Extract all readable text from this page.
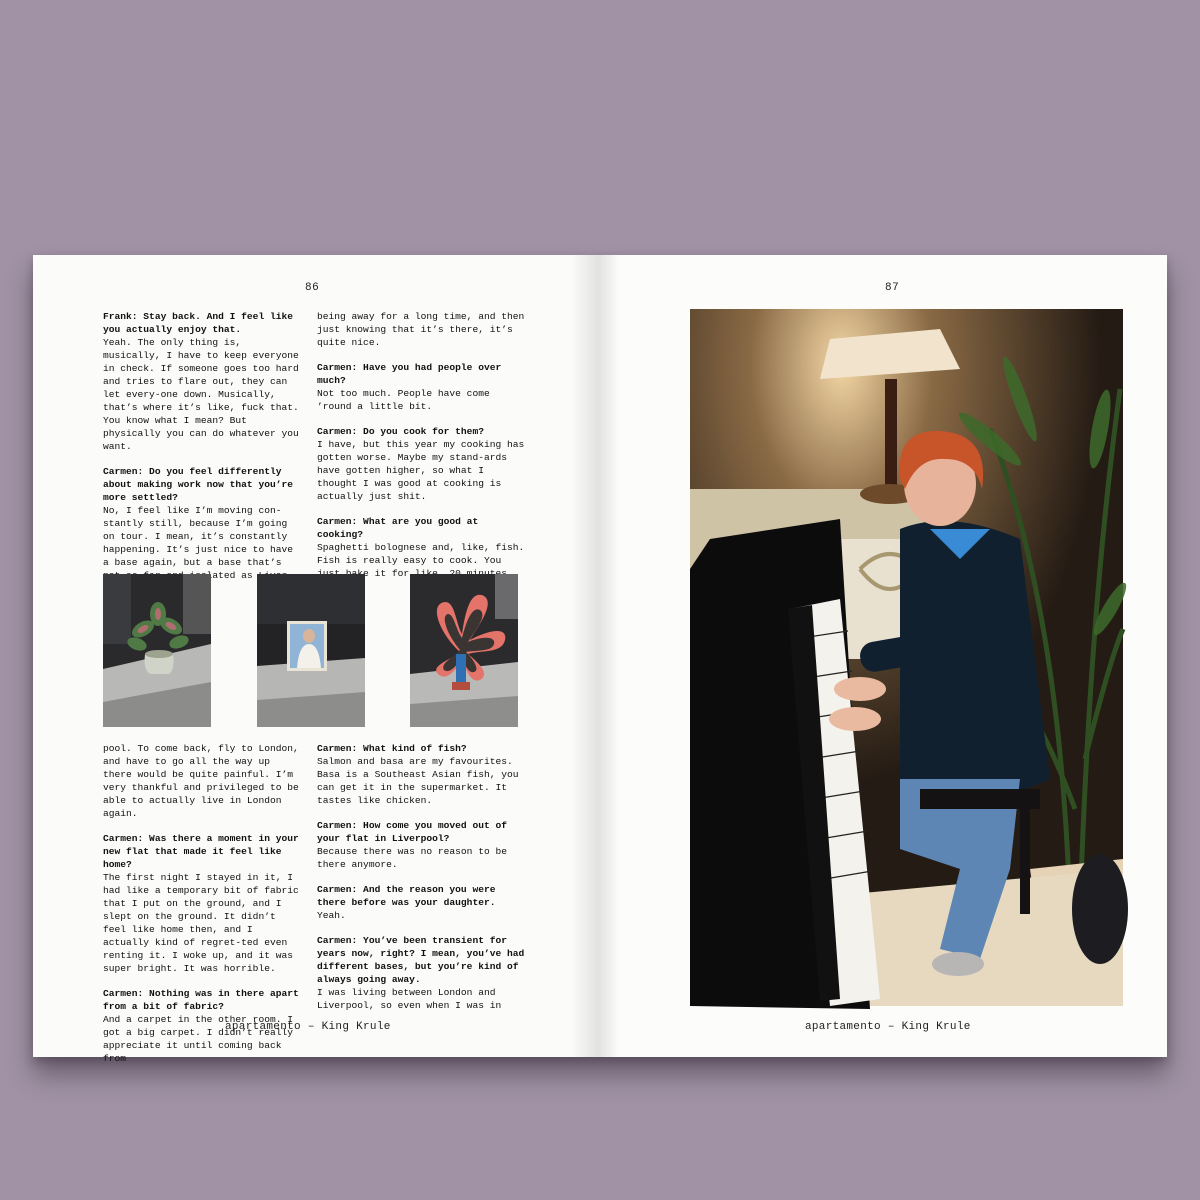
86

Frank: Stay back. And I feel like you actually enjoy that.
Yeah. The only thing is, musically, I have to keep everyone in check. If someone goes too hard and tries to flare out, they can let every-one down. Musically, that’s where it’s like, fuck that. You know what I mean? But physically you can do whatever you want.

Carmen: Do you feel differently about making work now that you’re more settled?
No, I feel like I’m moving con-stantly still, because I’m going on tour. I mean, it’s constantly happening. It’s just nice to have a base again, but a base that’s isolated as

being away for a long time, and then just knowing that it’s there, it’s quite nice.

Carmen: Have you had people over much?
Not too much. People have come ’round a little bit.

Carmen: Do you cook for them?
I have, but this year my cooking has gotten worse. Maybe my stand-ards have gotten higher, so what I thought I was good at cooking is actually just shit.

Carmen: What are you good at cooking?
Spaghetti bolognese and, like, fish. Fish is really easy to cook. You it for

pool. To come back, fly to London, and have to go all the way up there would be quite painful. I’m very thankful and privileged to be able to actually live in London again.

Carmen: Was there a moment in your new flat that made it feel like home?
The first night I stayed in it, I had like a temporary bit of fabric that I put on the ground, and I slept on the ground. It didn’t feel like home then, and I actually kind of regret-ted even renting it. I woke up, and it was super bright. It was horrible.

Carmen: Nothing was in there apart from a bit of fabric?
And a carpet in the other room. I got a big carpet. I didn’t really appreciate it until coming back from

Carmen: What kind of fish?
Salmon and basa are my favourites. Basa is a Southeast Asian fish, you can get it in the supermarket. It tastes like chicken.

Carmen: How come you moved out of your flat in Liverpool?
Because there was no reason to be there anymore.

Carmen: And the reason you were there before was your daughter.
Yeah.

Carmen: You’ve been transient for years now, right? I mean, you’ve had different bases, but you’re kind of always going away.
I was living between London and Liverpool, so even when I was in

apartamento – King Krule
87
apartamento – King Krule
